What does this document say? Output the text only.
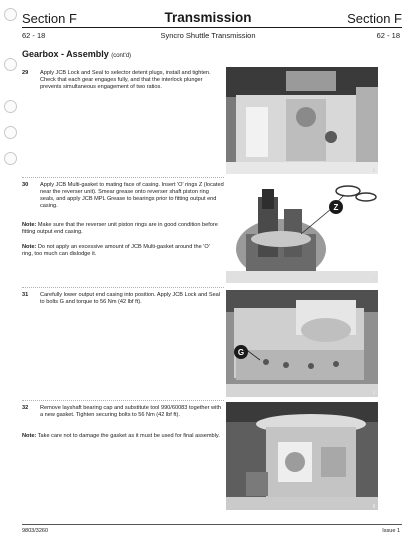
Section F	Transmission	Section F
62 - 18	Syncro Shuttle Transmission	62 - 18
Gearbox - Assembly (cont'd)
29 Apply JCB Lock and Seal to selector detent plugs, install and tighten. Check that each gear engages fully, and that the interlock plunger prevents simultaneous engagement of two ratios.
30 Apply JCB Multi-gasket to mating face of casing. Insert 'O' rings Z (located near the reverser unit). Smear grease onto reverser shaft piston ring seals, and apply JCB MPL Grease to bearings prior to fitting output end casing.
Note: Make sure that the reverser unit piston rings are in good condition before fitting output end casing.
Note: Do not apply an excessive amount of JCB Multi-gasket around the 'O' ring, too much can dislodge it.
Z
31 Carefully lower output end casing into position. Apply JCB Lock and Seal to bolts G and torque to 56 Nm (42 lbf ft).
G
32 Remove layshaft bearing cap and substitute tool 990/60083 together with a new gasket. Tighten securing bolts to 56 Nm (42 lbf ft).
Note: Take care not to damage the gasket as it must be used for final assembly.
9803/3260	Issue 1
